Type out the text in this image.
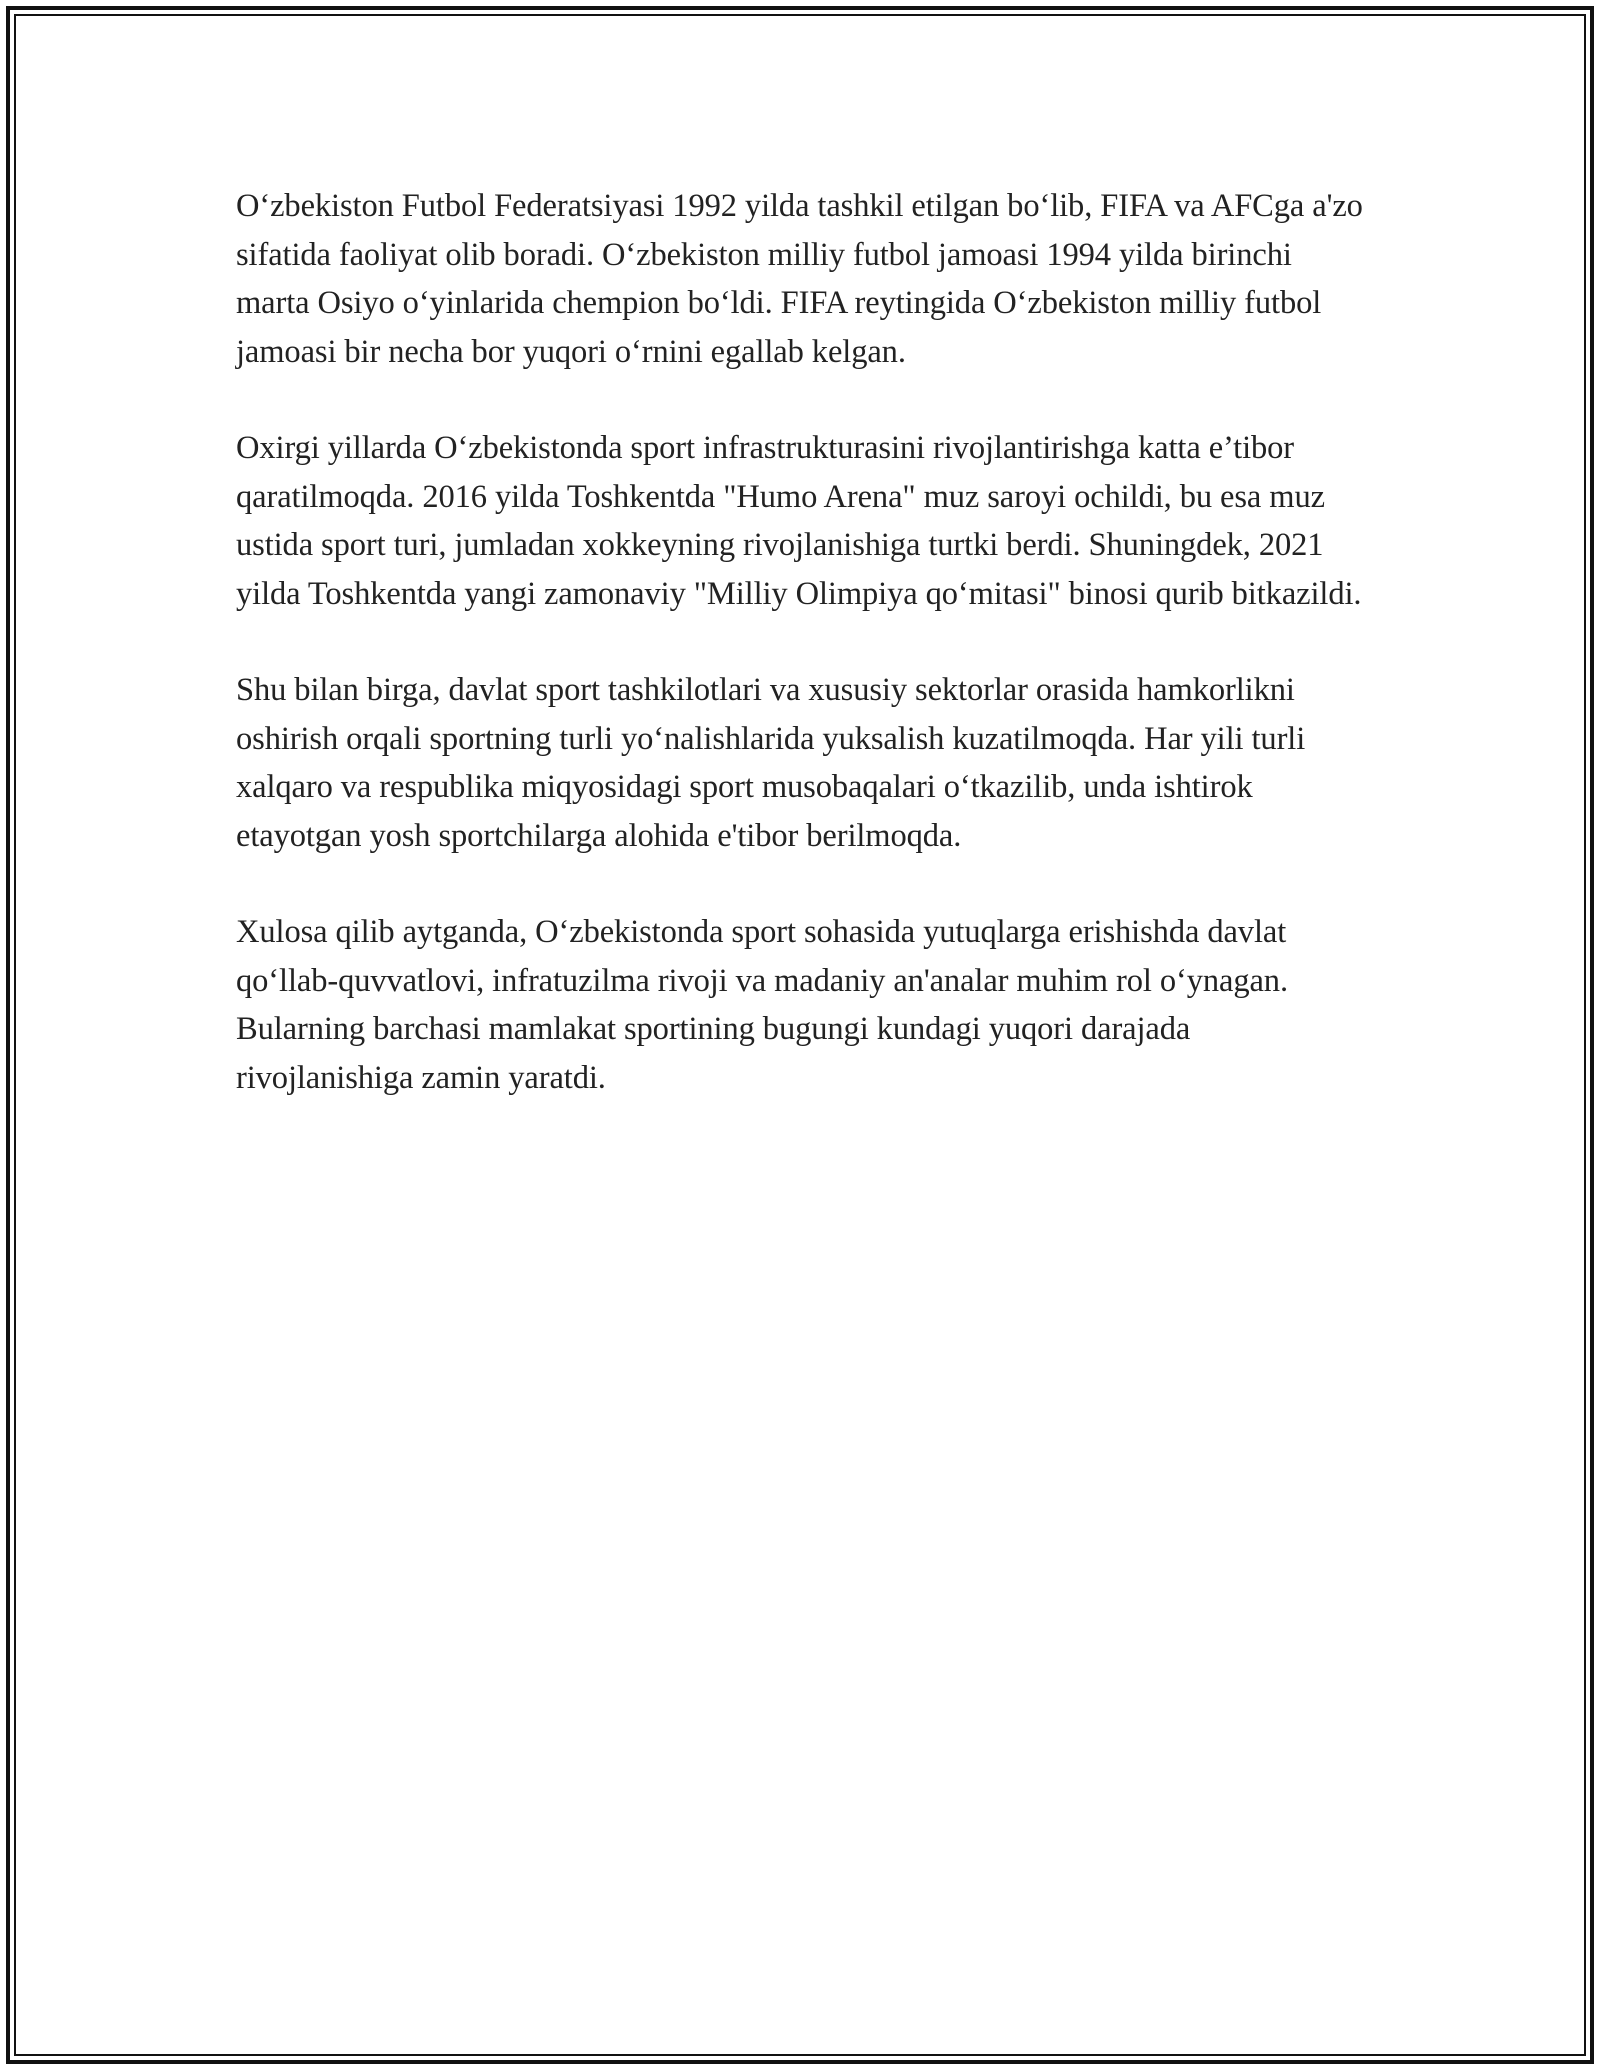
O‘zbekiston Futbol Federatsiyasi 1992 yilda tashkil etilgan bo‘lib, FIFA va AFCga a'zo sifatida faoliyat olib boradi. O‘zbekiston milliy futbol jamoasi 1994 yilda birinchi marta Osiyo o‘yinlarida chempion bo‘ldi. FIFA reytingida O‘zbekiston milliy futbol jamoasi bir necha bor yuqori o‘rnini egallab kelgan.

Oxirgi yillarda O‘zbekistonda sport infrastrukturasini rivojlantirishga katta e’tibor qaratilmoqda. 2016 yilda Toshkentda "Humo Arena" muz saroyi ochildi, bu esa muz ustida sport turi, jumladan xokkeyning rivojlanishiga turtki berdi. Shuningdek, 2021 yilda Toshkentda yangi zamonaviy "Milliy Olimpiya qo‘mitasi" binosi qurib bitkazildi.

Shu bilan birga, davlat sport tashkilotlari va xususiy sektorlar orasida hamkorlikni oshirish orqali sportning turli yo‘nalishlarida yuksalish kuzatilmoqda. Har yili turli xalqaro va respublika miqyosidagi sport musobaqalari o‘tkazilib, unda ishtirok etayotgan yosh sportchilarga alohida e'tibor berilmoqda.

Xulosa qilib aytganda, O‘zbekistonda sport sohasida yutuqlarga erishishda davlat qo‘llab-quvvatlovi, infratuzilma rivoji va madaniy an'analar muhim rol o‘ynagan. Bularning barchasi mamlakat sportining bugungi kundagi yuqori darajada rivojlanishiga zamin yaratdi.
